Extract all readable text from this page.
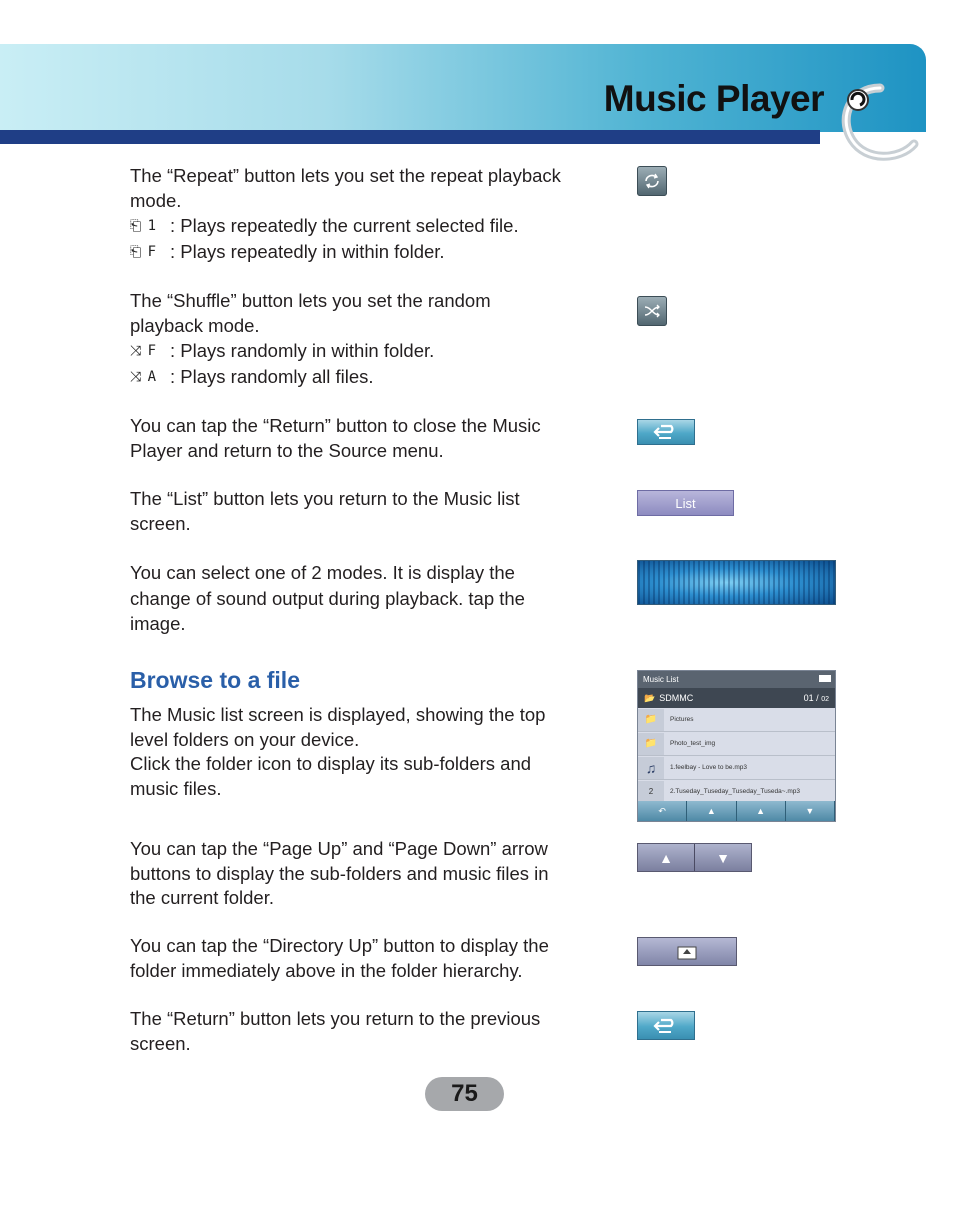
Music Player

The “Repeat” button lets you set the repeat playback

mode.

⎗ 1 : Plays repeatedly the current selected file.
⎗ F : Plays repeatedly in within folder.

The “Shuffle” button lets you set the random

playback mode.

⤨ F : Plays randomly in within folder.
⤨ A : Plays randomly all files.

You can tap the “Return” button to close the Music

Player and return to the Source menu.

The “List” button lets you return to the Music list

screen.

List

You can select one of 2 modes. It is display the

change of sound output during playback. tap the

image.

Browse to a file

The Music list screen is displayed, showing the top

level folders on your device.

Click the folder icon to display its sub-folders and

music files.

Music List
📂 SDMMC	01 / 02
📁	Pictures
📁	Photo_test_img
♫	1.feelbay - Love to be.mp3
2	2.Tuseday_Tuseday_Tuseday_Tuseda~.mp3
↶	▲	▲	▼

You can tap the “Page Up” and “Page Down” arrow

buttons to display the sub-folders and music files in

the current folder.

▲	▼

You can tap the “Directory Up” button to display the

folder immediately above in the folder hierarchy.

The “Return” button lets you return to the previous

screen.

75
